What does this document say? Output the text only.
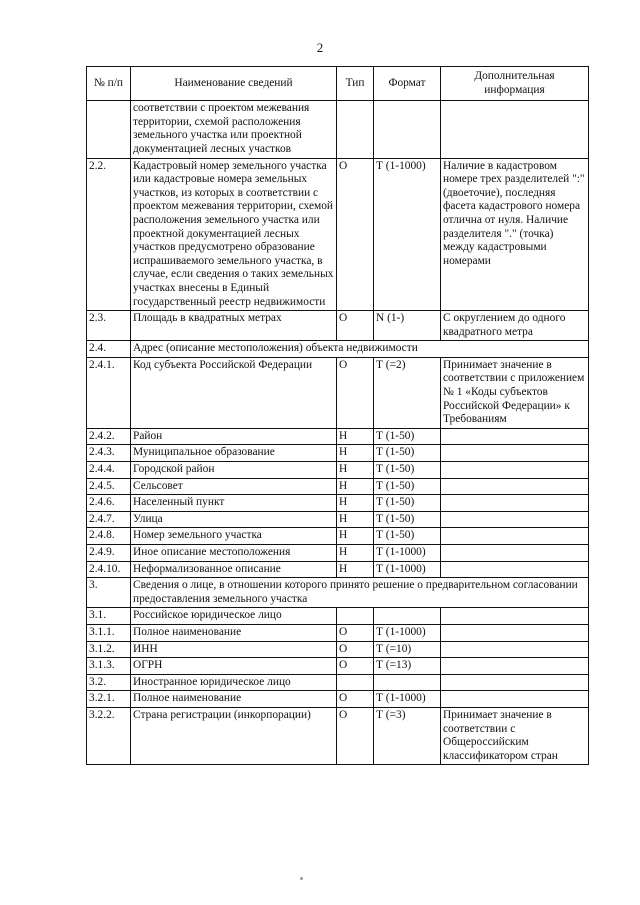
2
№ п/п	Наименование сведений	Тип	Формат	Дополнительная информация
	соответствии с проектом межевания территории, схемой расположения земельного участка или проектной документацией лесных участков			
2.2.	Кадастровый номер земельного участка или кадастровые номера земельных участков, из которых в соответствии с проектом межевания территории, схемой расположения земельного участка или проектной документацией лесных участков предусмотрено образование испрашиваемого земельного участка, в случае, если сведения о таких земельных участках внесены в Единый государственный реестр недвижимости	О	Т (1-1000)	Наличие в кадастровом номере трех разделителей ":" (двоеточие), последняя фасета кадастрового номера отлична от нуля. Наличие разделителя "." (точка) между кадастровыми номерами
2.3.	Площадь в квадратных метрах	О	N (1-)	С округлением до одного квадратного метра
2.4.	Адрес (описание местоположения) объекта недвижимости			
2.4.1.	Код субъекта Российской Федерации	О	Т (=2)	Принимает значение в соответствии с приложением № 1 «Коды субъектов Российской Федерации» к Требованиям
2.4.2.	Район	Н	Т (1-50)	
2.4.3.	Муниципальное образование	Н	Т (1-50)	
2.4.4.	Городской район	Н	Т (1-50)	
2.4.5.	Сельсовет	Н	Т (1-50)	
2.4.6.	Населенный пункт	Н	Т (1-50)	
2.4.7.	Улица	Н	Т (1-50)	
2.4.8.	Номер земельного участка	Н	Т (1-50)	
2.4.9.	Иное описание местоположения	Н	Т (1-1000)	
2.4.10.	Неформализованное описание	Н	Т (1-1000)	
3.	Сведения о лице, в отношении которого принято решение о предварительном согласовании предоставления земельного участка			
3.1.	Российское юридическое лицо			
3.1.1.	Полное наименование	О	Т (1-1000)	
3.1.2.	ИНН	О	Т (=10)	
3.1.3.	ОГРН	О	Т (=13)	
3.2.	Иностранное юридическое лицо			
3.2.1.	Полное наименование	О	Т (1-1000)	
3.2.2.	Страна регистрации (инкорпорации)	О	Т (=3)	Принимает значение в соответствии с Общероссийским классификатором стран
